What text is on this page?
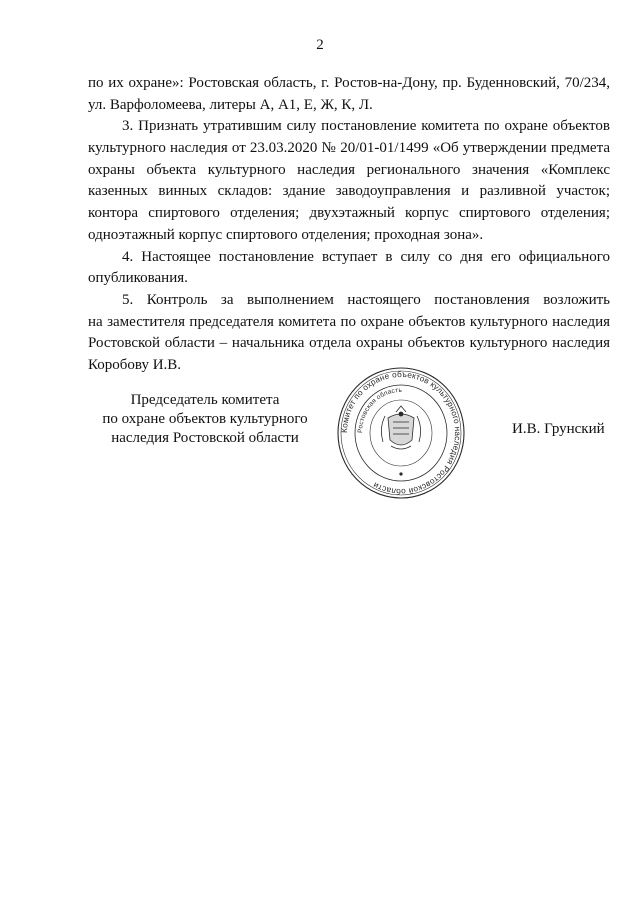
2
по их охране»: Ростовская область, г. Ростов-на-Дону, пр. Буденновский, 70/234,
ул. Варфоломеева, литеры А, А1, Е, Ж, К, Л.
3. Признать утратившим силу постановление комитета по охране объектов
культурного наследия от 23.03.2020 № 20/01-01/1499 «Об утверждении предмета
охраны объекта культурного наследия регионального значения «Комплекс
казенных винных складов: здание заводоуправления и разливной участок;
контора спиртового отделения; двухэтажный корпус спиртового отделения;
одноэтажный корпус спиртового отделения; проходная зона».
4. Настоящее постановление вступает в силу со дня его официального
опубликования.
5. Контроль за выполнением настоящего постановления возложить
на заместителя председателя комитета по охране объектов культурного наследия
Ростовской области – начальника отдела охраны объектов культурного наследия
Коробову И.В.
Председатель комитета
по охране объектов культурного
наследия Ростовской области	Комитет по охране объектов культурного наследия Ростовской области
Ростовская область
И.В. Грунский
